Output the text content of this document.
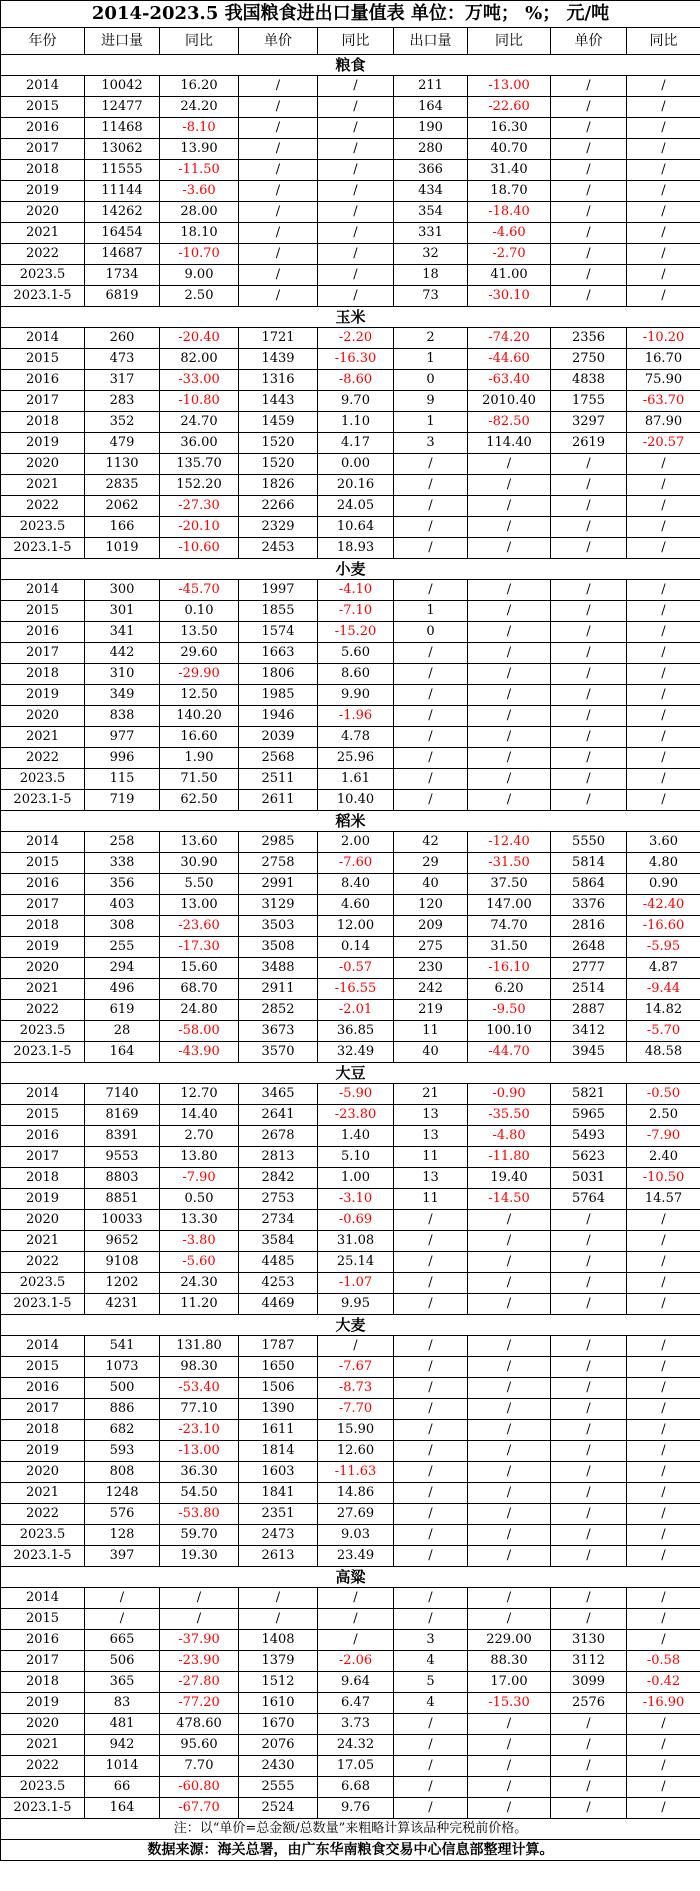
2014-2023.5 我国粮食进出口量值表 单位：万吨； %； 元/吨								
年份	进口量	同比	单价	同比	出口量	同比	单价	同比
粮食								
2014	10042	16.20	/	/	211	-13.00	/	/
2015	12477	24.20	/	/	164	-22.60	/	/
2016	11468	-8.10	/	/	190	16.30	/	/
2017	13062	13.90	/	/	280	40.70	/	/
2018	11555	-11.50	/	/	366	31.40	/	/
2019	11144	-3.60	/	/	434	18.70	/	/
2020	14262	28.00	/	/	354	-18.40	/	/
2021	16454	18.10	/	/	331	-4.60	/	/
2022	14687	-10.70	/	/	32	-2.70	/	/
2023.5	1734	9.00	/	/	18	41.00	/	/
2023.1-5	6819	2.50	/	/	73	-30.10	/	/
玉米								
2014	260	-20.40	1721	-2.20	2	-74.20	2356	-10.20
2015	473	82.00	1439	-16.30	1	-44.60	2750	16.70
2016	317	-33.00	1316	-8.60	0	-63.40	4838	75.90
2017	283	-10.80	1443	9.70	9	2010.40	1755	-63.70
2018	352	24.70	1459	1.10	1	-82.50	3297	87.90
2019	479	36.00	1520	4.17	3	114.40	2619	-20.57
2020	1130	135.70	1520	0.00	/	/	/	/
2021	2835	152.20	1826	20.16	/	/	/	/
2022	2062	-27.30	2266	24.05	/	/	/	/
2023.5	166	-20.10	2329	10.64	/	/	/	/
2023.1-5	1019	-10.60	2453	18.93	/	/	/	/
小麦								
2014	300	-45.70	1997	-4.10	/	/	/	/
2015	301	0.10	1855	-7.10	1	/	/	/
2016	341	13.50	1574	-15.20	0	/	/	/
2017	442	29.60	1663	5.60	/	/	/	/
2018	310	-29.90	1806	8.60	/	/	/	/
2019	349	12.50	1985	9.90	/	/	/	/
2020	838	140.20	1946	-1.96	/	/	/	/
2021	977	16.60	2039	4.78	/	/	/	/
2022	996	1.90	2568	25.96	/	/	/	/
2023.5	115	71.50	2511	1.61	/	/	/	/
2023.1-5	719	62.50	2611	10.40	/	/	/	/
稻米								
2014	258	13.60	2985	2.00	42	-12.40	5550	3.60
2015	338	30.90	2758	-7.60	29	-31.50	5814	4.80
2016	356	5.50	2991	8.40	40	37.50	5864	0.90
2017	403	13.00	3129	4.60	120	147.00	3376	-42.40
2018	308	-23.60	3503	12.00	209	74.70	2816	-16.60
2019	255	-17.30	3508	0.14	275	31.50	2648	-5.95
2020	294	15.60	3488	-0.57	230	-16.10	2777	4.87
2021	496	68.70	2911	-16.55	242	6.20	2514	-9.44
2022	619	24.80	2852	-2.01	219	-9.50	2887	14.82
2023.5	28	-58.00	3673	36.85	11	100.10	3412	-5.70
2023.1-5	164	-43.90	3570	32.49	40	-44.70	3945	48.58
大豆								
2014	7140	12.70	3465	-5.90	21	-0.90	5821	-0.50
2015	8169	14.40	2641	-23.80	13	-35.50	5965	2.50
2016	8391	2.70	2678	1.40	13	-4.80	5493	-7.90
2017	9553	13.80	2813	5.10	11	-11.80	5623	2.40
2018	8803	-7.90	2842	1.00	13	19.40	5031	-10.50
2019	8851	0.50	2753	-3.10	11	-14.50	5764	14.57
2020	10033	13.30	2734	-0.69	/	/	/	/
2021	9652	-3.80	3584	31.08	/	/	/	/
2022	9108	-5.60	4485	25.14	/	/	/	/
2023.5	1202	24.30	4253	-1.07	/	/	/	/
2023.1-5	4231	11.20	4469	9.95	/	/	/	/
大麦								
2014	541	131.80	1787	/	/	/	/	/
2015	1073	98.30	1650	-7.67	/	/	/	/
2016	500	-53.40	1506	-8.73	/	/	/	/
2017	886	77.10	1390	-7.70	/	/	/	/
2018	682	-23.10	1611	15.90	/	/	/	/
2019	593	-13.00	1814	12.60	/	/	/	/
2020	808	36.30	1603	-11.63	/	/	/	/
2021	1248	54.50	1841	14.86	/	/	/	/
2022	576	-53.80	2351	27.69	/	/	/	/
2023.5	128	59.70	2473	9.03	/	/	/	/
2023.1-5	397	19.30	2613	23.49	/	/	/	/
高粱								
2014	/	/	/	/	/	/	/	/
2015	/	/	/	/	/	/	/	/
2016	665	-37.90	1408	/	3	229.00	3130	/
2017	506	-23.90	1379	-2.06	4	88.30	3112	-0.58
2018	365	-27.80	1512	9.64	5	17.00	3099	-0.42
2019	83	-77.20	1610	6.47	4	-15.30	2576	-16.90
2020	481	478.60	1670	3.73	/	/	/	/
2021	942	95.60	2076	24.32	/	/	/	/
2022	1014	7.70	2430	17.05	/	/	/	/
2023.5	66	-60.80	2555	6.68	/	/	/	/
2023.1-5	164	-67.70	2524	9.76	/	/	/	/
注：以“单价=总金额/总数量”来粗略计算该品种完税前价格。								
数据来源：海关总署，由广东华南粮食交易中心信息部整理计算。								
